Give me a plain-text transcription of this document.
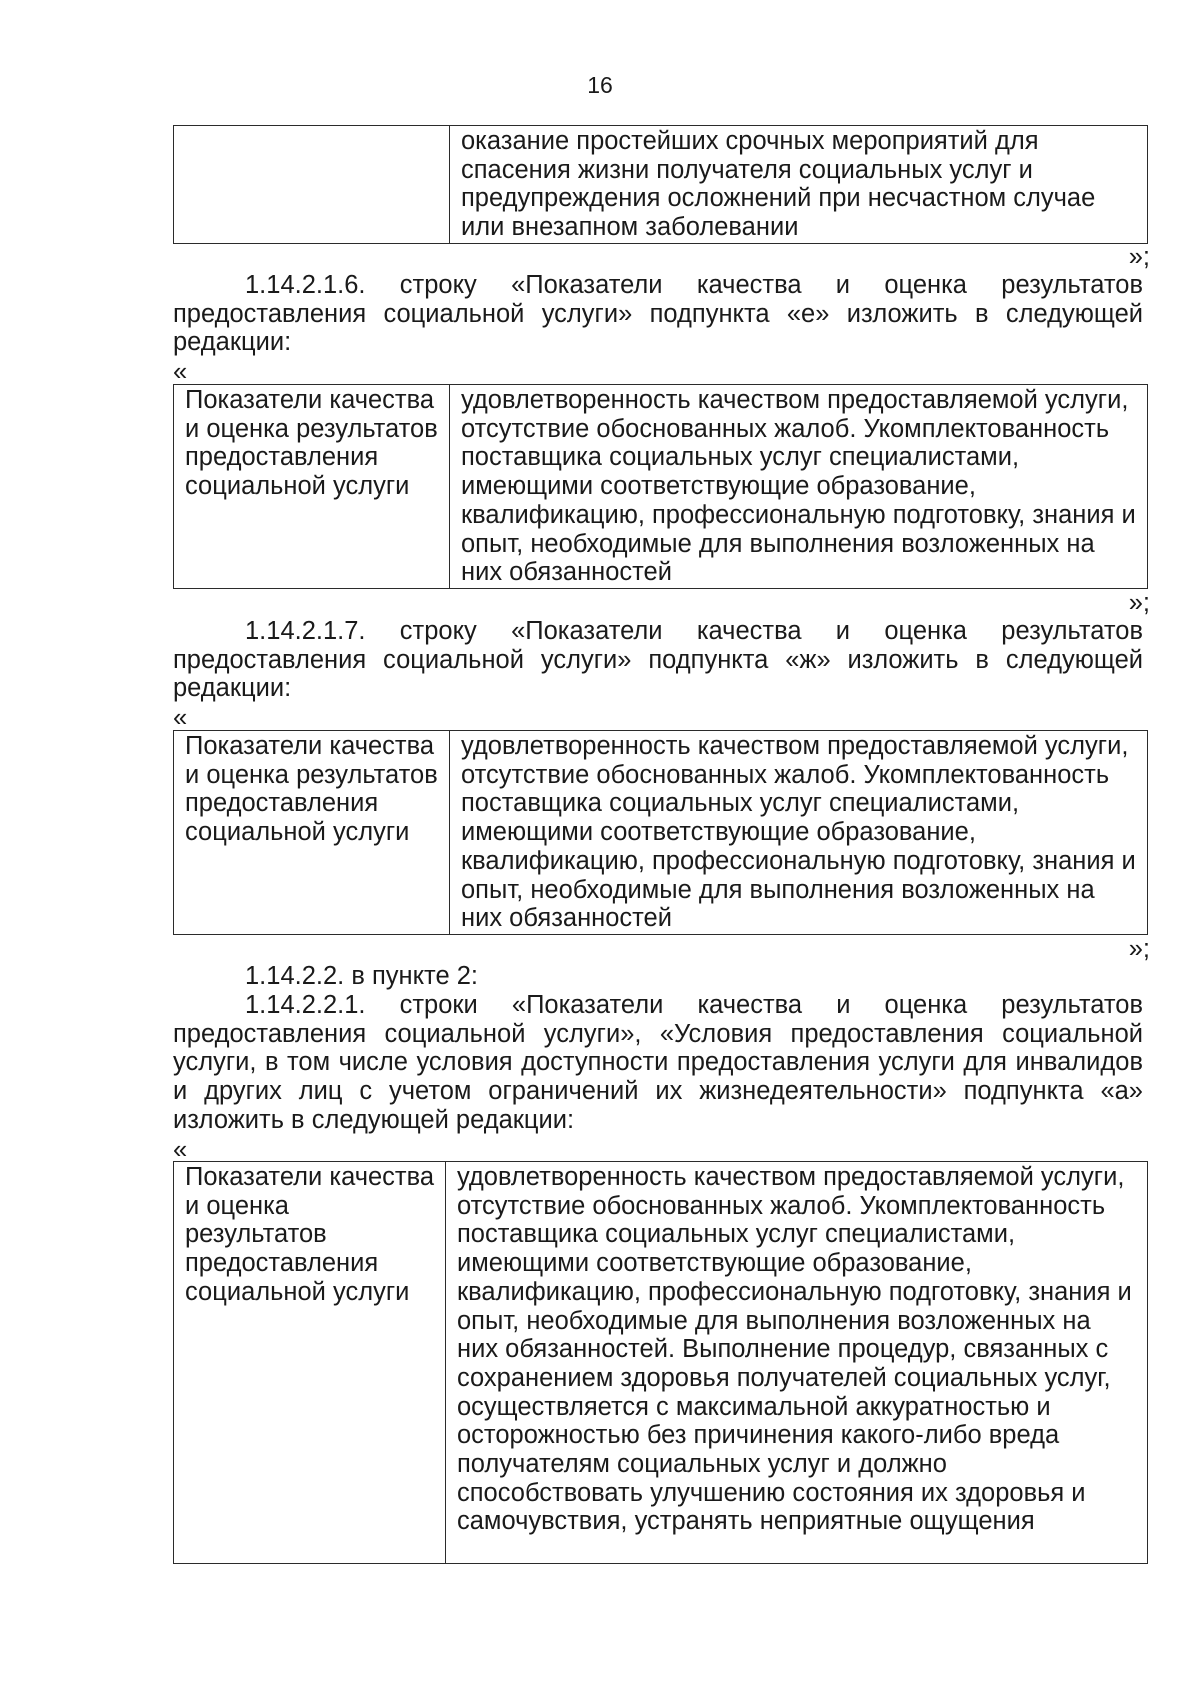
16
	оказание простейших срочных мероприятий для спасения жизни получателя социальных услуг и предупреждения осложнений при несчастном случае или внезапном заболевании
»;
1.14.2.1.6. строку «Показатели качества и оценка результатов предоставления социальной услуги» подпункта «е» изложить в следующей редакции:
«
Показатели качества и оценка результатов предоставления социальной услуги	удовлетворенность качеством предоставляемой услуги, отсутствие обоснованных жалоб. Укомплектованность поставщика социальных услуг специалистами, имеющими соответствующие образование, квалификацию, профессиональную подготовку, знания и опыт, необходимые для выполнения возложенных на них обязанностей
»;
1.14.2.1.7. строку «Показатели качества и оценка результатов предоставления социальной услуги» подпункта «ж» изложить в следующей редакции:
«
Показатели качества и оценка результатов предоставления социальной услуги	удовлетворенность качеством предоставляемой услуги, отсутствие обоснованных жалоб. Укомплектованность поставщика социальных услуг специалистами, имеющими соответствующие образование, квалификацию, профессиональную подготовку, знания и опыт, необходимые для выполнения возложенных на них обязанностей
»;
1.14.2.2. в пункте 2:
1.14.2.2.1. строки «Показатели качества и оценка результатов предоставления социальной услуги», «Условия предоставления социальной услуги, в том числе условия доступности предоставления услуги для инвалидов и других лиц с учетом ограничений их жизнедеятельности» подпункта «а» изложить в следующей редакции:
«
Показатели качества и оценка результатов предоставления социальной услуги	удовлетворенность качеством предоставляемой услуги, отсутствие обоснованных жалоб. Укомплектованность поставщика социальных услуг специалистами, имеющими соответствующие образование, квалификацию, профессиональную подготовку, знания и опыт, необходимые для выполнения возложенных на них обязанностей. Выполнение процедур, связанных с сохранением здоровья получателей социальных услуг, осуществляется с максимальной аккуратностью и осторожностью без причинения какого-либо вреда получателям социальных услуг и должно способствовать улучшению состояния их здоровья и самочувствия, устранять неприятные ощущения
